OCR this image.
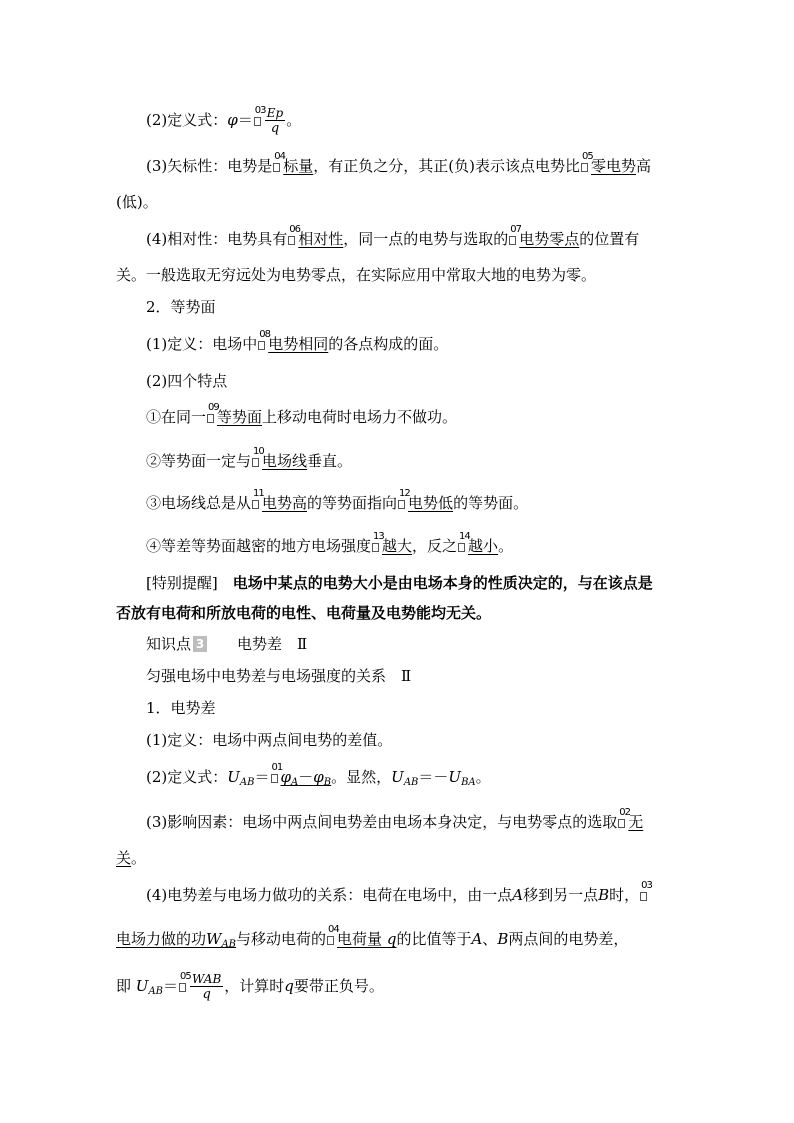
(2)定义式：φ＝
$03 \frac{Ep}{q}$ 。
(3)矢标性：电势是
04
标量，有正负之分，其正(负)表示该点电势比
05
零电势高
(低)。
(4)相对性：电势具有
06
相对性，同一点的电势与选取的
07
电势零点的位置有
关。一般选取无穷远处为电势零点，在实际应用中常取大地的电势为零。
2．等势面
(1)定义：电场中
08
电势相同的各点构成的面。
(2)四个特点
①在同一
09
等势面上移动电荷时电场力不做功。
②等势面一定与
10
电场线垂直。
③电场线总是从
11
电势高的等势面指向
12
电势低的等势面。
④等差等势面越密的地方电场强度
13
越大，反之
14
越小。
[特别提醒]　电场中某点的电势大小是由电场本身的性质决定的，与在该点是
否放有电荷和所放电荷的电性、电荷量及电势能均无关。
知识点 3 电势差　Ⅱ
匀强电场中电势差与电场强度的关系　Ⅱ
1．电势差
(1)定义：电场中两点间电势的差值。
(2)定义式：$U_{AB}=$
01
$\varphi_A-\varphi_B$。显然，$U_{AB}=-U_{BA}$。
(3)影响因素：电场中两点间电势差由电场本身决定，与电势零点的选取
02
无
关。
(4)电势差与电场力做功的关系：电荷在电场中，由一点A移到另一点B时，
03
电场力做的功$W_{AB}$与移动电荷的
04
电荷量 q的比值等于A、B两点间的电势差，
即 $U_{AB}=$
$05 \frac{\text{WAB}}{q}$ ，计算时q要带正负号。
